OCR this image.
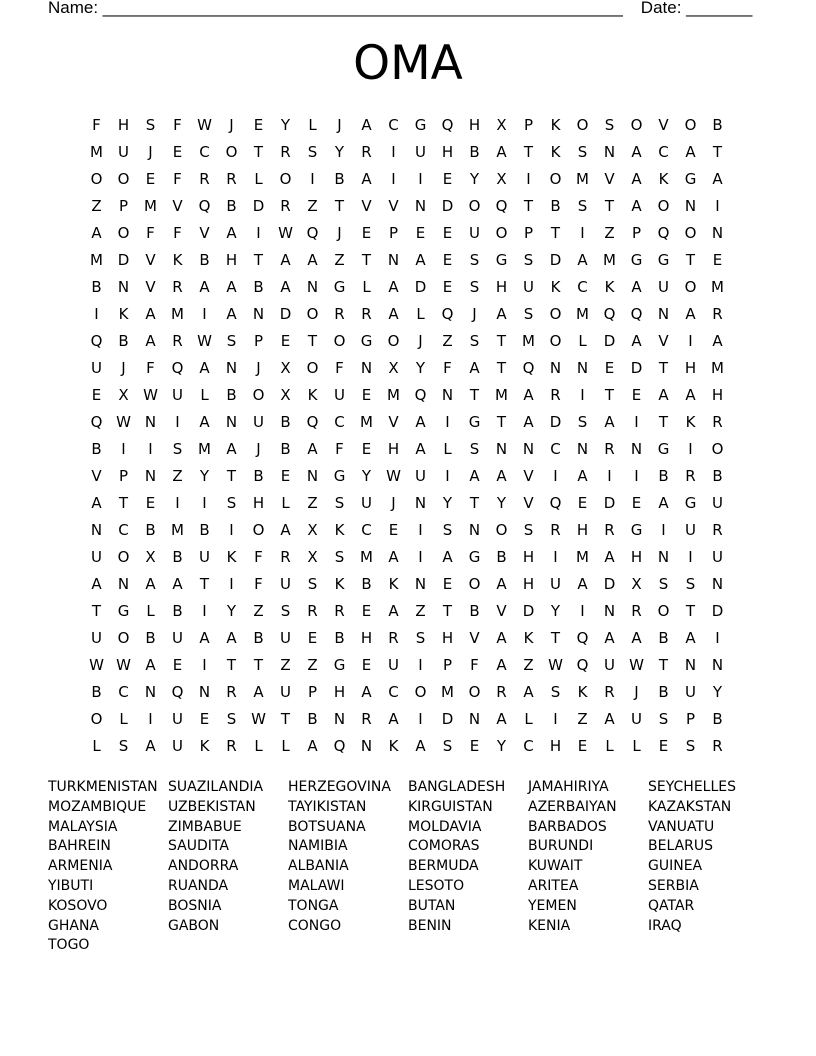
Name: _______________________________________________________ Date: _______
OMA
F	H	S	F	W	J	E	Y	L	J	A	C	G	Q	H	X	P	K	O	S	O	V	O	B
M	U	J	E	C	O	T	R	S	Y	R	I	U	H	B	A	T	K	S	N	A	C	A	T
O	O	E	F	R	R	L	O	I	B	A	I	I	E	Y	X	I	O M	V	A	K	G	A
Z	P	M	V	Q	B	D	R	Z	T	V	V	N	D	O	Q	T	B	S	T	A	O	N	I
A	O	F	F	V	A	I	W Q	J	E	P	E	E	U	O	P	T	I	Z	P	Q	O	N
M D	V	K	B	H	T	A	A	Z	T	N	A	E	S	G	S	D	A	M G	G	T	E
B	N	V	R	A	A	B	A	N	G	L	A	D	E	S	H	U	K	C	K	A	U	O M
I	K	A	M	I	A	N	D	O	R	R	A	L	Q	J	A	S	O M Q	Q	N	A	R
Q	B	A	R W S	P	E	T	O	G	O	J	Z	S	T	M O	L	D	A	V	I	A
U	J	F	Q	A	N	J	X	O	F	N	X	Y	F	A	T	Q	N	N	E	D	T	H M
E	X W U	L	B	O	X	K	U	E	M Q	N	T	M	A	R	I	T	E	A	A	H
Q W N	I	A	N	U	B	Q	C	M	V	A	I	G	T	A	D	S	A	I	T	K	R
B	I	I	S	M	A	J	B	A	F	E	H	A	L	S	N	N	C	N	R	N	G	I	O
V	P	N	Z	Y	T	B	E	N	G	Y	W U	I	A	A	V	I	A	I	I	B	R	B
A	T	E	I	I	S	H	L	Z	S	U	J	N	Y	T	Y	V	Q	E	D	E	A	G	U
N	C	B	M	B	I	O	A	X	K	C	E	I	S	N	O	S	R	H	R	G	I	U	R
U	O	X	B	U	K	F	R	X	S	M	A	I	A	G	B	H	I	M	A	H	N	I	U
A	N	A	A	T	I	F	U	S	K	B	K	N	E	O	A	H	U	A	D	X	S	S	N
T	G	L	B	I	Y	Z	S	R	R	E	A	Z	T	B	V	D	Y	I	N	R	O	T	D
U	O	B	U	A	A	B	U	E	B	H	R	S	H	V	A	K	T	Q	A	A	B	A	I
W W A	E	I	T	T	Z	Z	G	E	U	I	P	F	A	Z W Q	U W T	N	N
B	C	N	Q	N	R	A	U	P	H	A	C	O M O	R	A	S	K	R	J	B	U	Y
O	L	I	U	E	S W T	B	N	R	A	I	D	N	A	L	I	Z	A	U	S	P	B
L	S	A	U	K	R	L	L	A	Q	N	K	A	S	E	Y	C	H	E	L	L	E	S	R
TURKMENISTAN SUAZILANDIA	HERZEGOVINA	BANGLADESH	JAMAHIRIYA	SEYCHELLES
MOZAMBIQUE	UZBEKISTAN	TAYIKISTAN	KIRGUISTAN	AZERBAIYAN	KAZAKSTAN
MALAYSIA	ZIMBABUE	BOTSUANA	MOLDAVIA	BARBADOS	VANUATU
BAHREIN	SAUDITA	NAMIBIA	COMORAS	BURUNDI	BELARUS
ARMENIA	ANDORRA	ALBANIA	BERMUDA	KUWAIT	GUINEA
YIBUTI	RUANDA	MALAWI	LESOTO	ARITEA	SERBIA
KOSOVO	BOSNIA	TONGA	BUTAN	YEMEN	QATAR
GHANA	GABON	CONGO	BENIN	KENIA	IRAQ
TOGO
